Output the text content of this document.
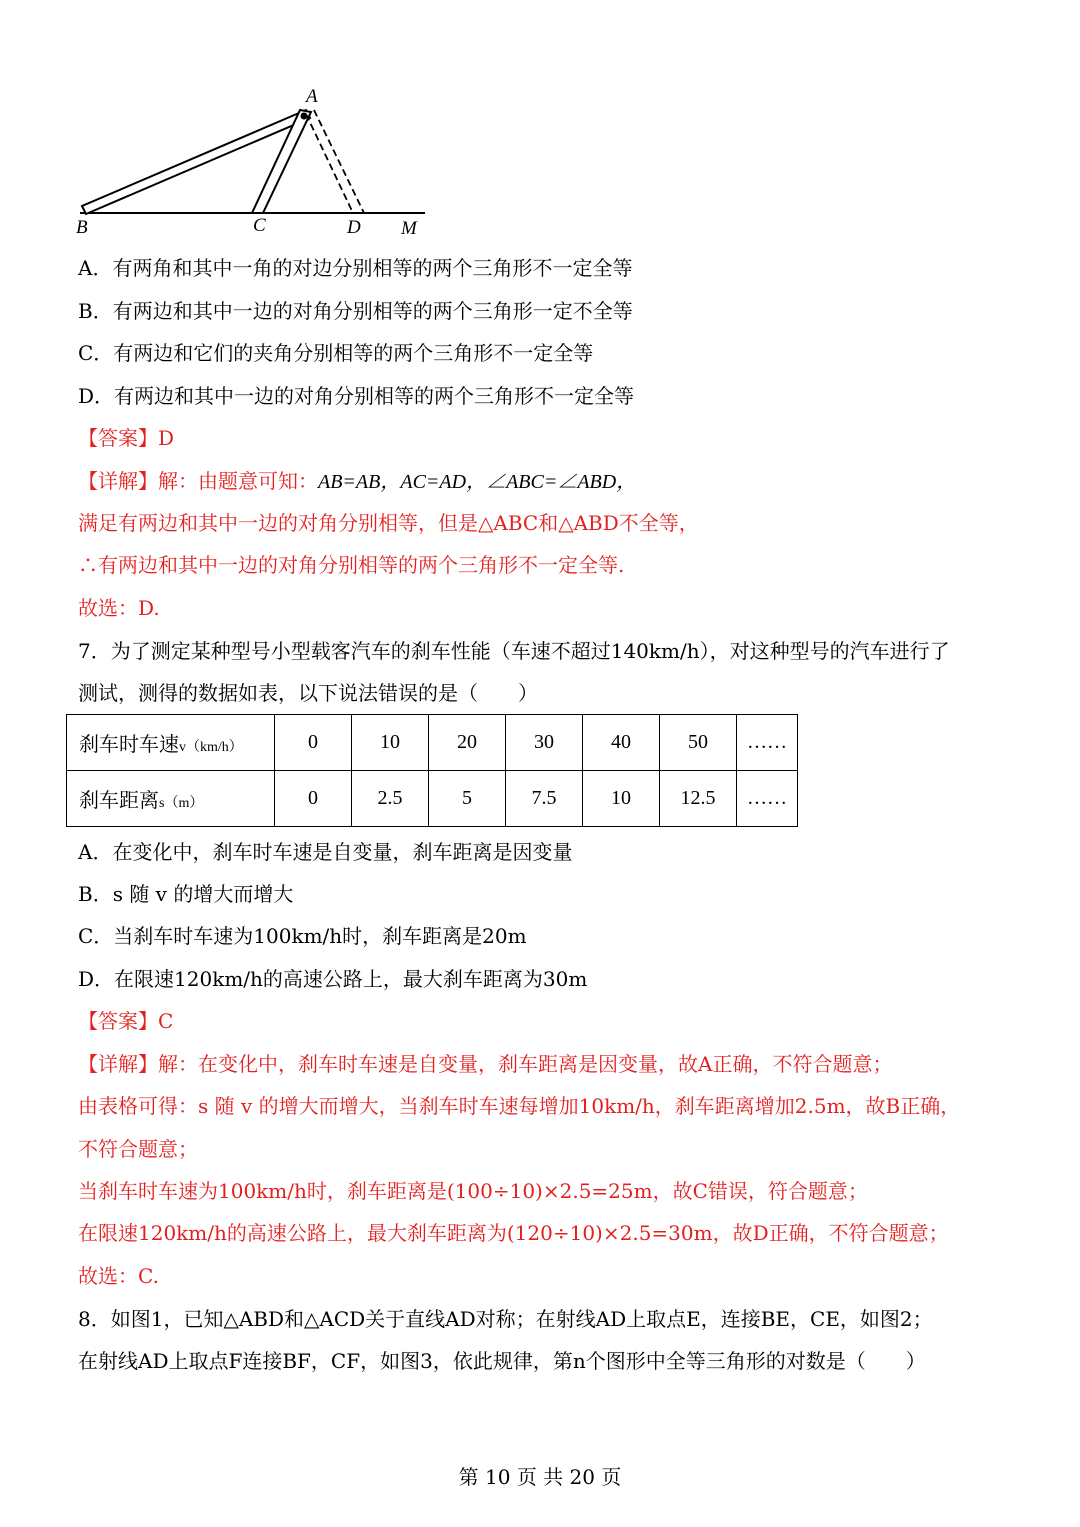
A
B	C	D M
A．有两角和其中一角的对边分别相等的两个三角形不一定全等
B．有两边和其中一边的对角分别相等的两个三角形一定不全等
C．有两边和它们的夹角分别相等的两个三角形不一定全等
D．有两边和其中一边的对角分别相等的两个三角形不一定全等
【答案】D
【详解】解：由题意可知：AB=AB，AC=AD，∠ABC=∠ABD，
满足有两边和其中一边的对角分别相等，但是△ABC和△ABD不全等，
∴有两边和其中一边的对角分别相等的两个三角形不一定全等.
故选：D.
7．为了测定某种型号小型载客汽车的刹车性能（车速不超过140km/h），对这种型号的汽车进行了
测试，测得的数据如表，以下说法错误的是（　　）
刹车时车速v（km/h）	0	10	20	30	40	50	……
刹车距离s（m）	0	2.5	5	7.5	10	12.5	……
A．在变化中，刹车时车速是自变量，刹车距离是因变量
B．s 随 v 的增大而增大
C．当刹车时车速为100km/h时，刹车距离是20m
D．在限速120km/h的高速公路上，最大刹车距离为30m
【答案】C
【详解】解：在变化中，刹车时车速是自变量，刹车距离是因变量，故A正确，不符合题意；
由表格可得：s 随 v 的增大而增大，当刹车时车速每增加10km/h，刹车距离增加2.5m，故B正确，
不符合题意；
当刹车时车速为100km/h时，刹车距离是(100÷10)×2.5=25m，故C错误，符合题意；
在限速120km/h的高速公路上，最大刹车距离为(120÷10)×2.5=30m，故D正确，不符合题意；
故选：C.
8．如图1，已知△ABD和△ACD关于直线AD对称；在射线AD上取点E，连接BE，CE，如图2；
在射线AD上取点F连接BF，CF，如图3，依此规律，第n个图形中全等三角形的对数是（　　）
第 10 页 共 20 页
